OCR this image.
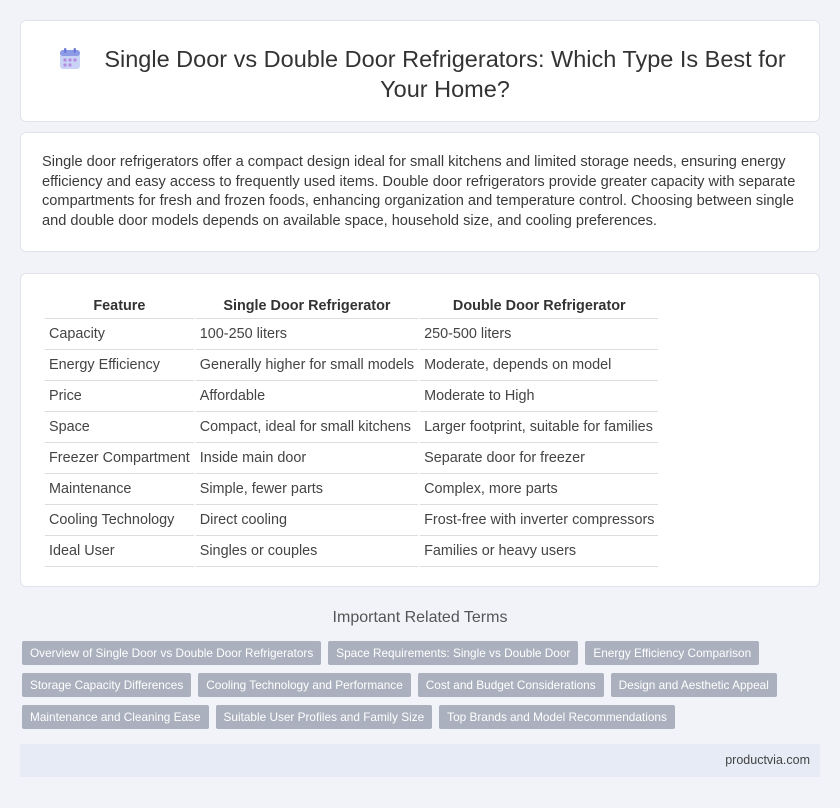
Single Door vs Double Door Refrigerators: Which Type Is Best for Your Home?

Single door refrigerators offer a compact design ideal for small kitchens and limited storage needs, ensuring energy efficiency and easy access to frequently used items. Double door refrigerators provide greater capacity with separate compartments for fresh and frozen foods, enhancing organization and temperature control. Choosing between single and double door models depends on available space, household size, and cooling preferences.

Feature	Single Door Refrigerator	Double Door Refrigerator
Capacity	100-250 liters	250-500 liters
Energy Efficiency	Generally higher for small models	Moderate, depends on model
Price	Affordable	Moderate to High
Space	Compact, ideal for small kitchens	Larger footprint, suitable for families
Freezer Compartment	Inside main door	Separate door for freezer
Maintenance	Simple, fewer parts	Complex, more parts
Cooling Technology	Direct cooling	Frost-free with inverter compressors
Ideal User	Singles or couples	Families or heavy users
Important Related Terms
Overview of Single Door vs Double Door Refrigerators	Space Requirements: Single vs Double Door	Energy Efficiency Comparison
Storage Capacity Differences	Cooling Technology and Performance	Cost and Budget Considerations	Design and Aesthetic Appeal
Maintenance and Cleaning Ease	Suitable User Profiles and Family Size	Top Brands and Model Recommendations
productvia.com
